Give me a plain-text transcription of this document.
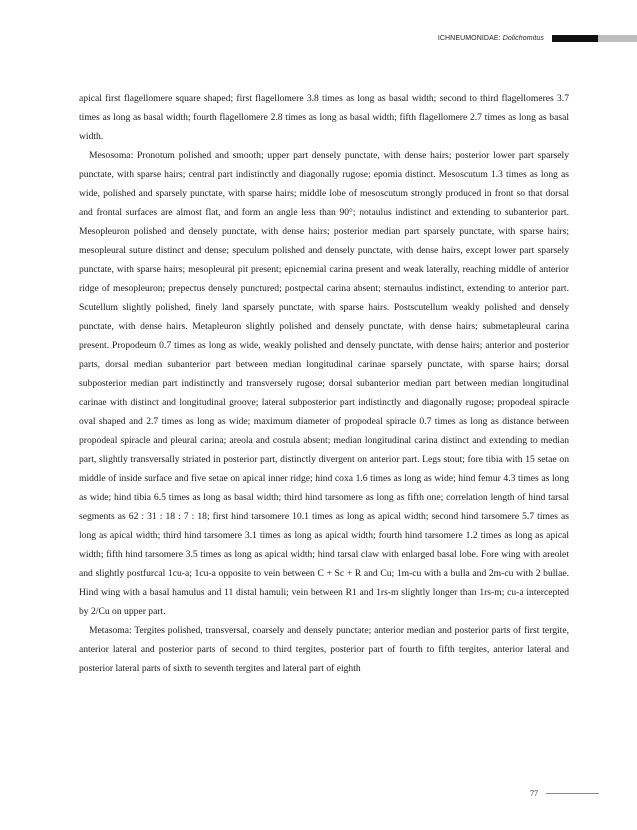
ICHNEUMONIDAE: Dolichomitus

apical first flagellomere square shaped; first flagellomere 3.8 times as long as basal width; second to third flagellomeres 3.7 times as long as basal width; fourth flagellomere 2.8 times as long as basal width; fifth flagellomere 2.7 times as long as basal width.

Mesosoma: Pronotum polished and smooth; upper part densely punctate, with dense hairs; posterior lower part sparsely punctate, with sparse hairs; central part indistinctly and diagonally rugose; epomia distinct. Mesoscutum 1.3 times as long as wide, polished and sparsely punctate, with sparse hairs; middle lobe of mesoscutum strongly produced in front so that dorsal and frontal surfaces are almost flat, and form an angle less than 90°; notaulus indistinct and extending to subanterior part. Mesopleuron polished and densely punctate, with dense hairs; posterior median part sparsely punctate, with sparse hairs; mesopleural suture distinct and dense; speculum polished and densely punctate, with dense hairs, except lower part sparsely punctate, with sparse hairs; mesopleural pit present; epicnemial carina present and weak laterally, reaching middle of anterior ridge of mesopleuron; prepectus densely punctured; postpectal carina absent; sternaulus indistinct, extending to anterior part. Scutellum slightly polished, finely land sparsely punctate, with sparse hairs. Postscutellum weakly polished and densely punctate, with dense hairs. Metapleuron slightly polished and densely punctate, with dense hairs; submetapleural carina present. Propodeum 0.7 times as long as wide, weakly polished and densely punctate, with dense hairs; anterior and posterior parts, dorsal median subanterior part between median longitudinal carinae sparsely punctate, with sparse hairs; dorsal subposterior median part indistinctly and transversely rugose; dorsal subanterior median part between median longitudinal carinae with distinct and longitudinal groove; lateral subposterior part indistinctly and diagonally rugose; propodeal spiracle oval shaped and 2.7 times as long as wide; maximum diameter of propodeal spiracle 0.7 times as long as distance between propodeal spiracle and pleural carina; areola and costula absent; median longitudinal carina distinct and extending to median part, slightly transversally striated in posterior part, distinctly divergent on anterior part. Legs stout; fore tibia with 15 setae on middle of inside surface and five setae on apical inner ridge; hind coxa 1.6 times as long as wide; hind femur 4.3 times as long as wide; hind tibia 6.5 times as long as basal width; third hind tarsomere as long as fifth one; correlation length of hind tarsal segments as 62 : 31 : 18 : 7 : 18; first hind tarsomere 10.1 times as long as apical width; second hind tarsomere 5.7 times as long as apical width; third hind tarsomere 3.1 times as long as apical width; fourth hind tarsomere 1.2 times as long as apical width; fifth hind tarsomere 3.5 times as long as apical width; hind tarsal claw with enlarged basal lobe. Fore wing with areolet and slightly postfurcal 1cu-a; 1cu-a opposite to vein between C + Sc + R and Cu; 1m-cu with a bulla and 2m-cu with 2 bullae. Hind wing with a basal hamulus and 11 distal hamuli; vein between R1 and 1rs-m slightly longer than 1rs-m; cu-a intercepted by 2/Cu on upper part.

Metasoma: Tergites polished, transversal, coarsely and densely punctate; anterior median and posterior parts of first tergite, anterior lateral and posterior parts of second to third tergites, posterior part of fourth to fifth tergites, anterior lateral and posterior lateral parts of sixth to seventh tergites and lateral part of eighth

77
